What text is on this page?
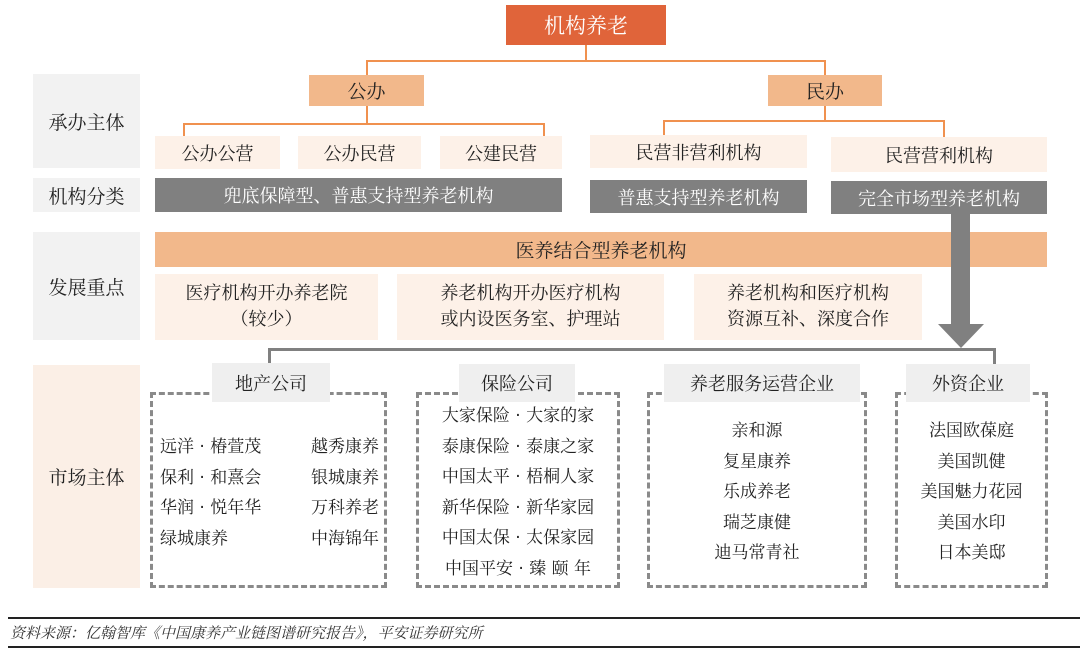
机构养老
承办主体
机构分类
发展重点
市场主体
公办	民办
公办公营	公办民营	公建民营	民营非营利机构	民营营利机构
兜底保障型、普惠支持型养老机构	普惠支持型养老机构	完全市场型养老机构
医养结合型养老机构
医疗机构开办养老院
（较少）
养老机构开办医疗机构
或内设医务室、护理站
养老机构和医疗机构
资源互补、深度合作
地产公司
远洋 · 椿萱茂
保利 · 和熹会
华润 · 悦年华
绿城康养
越秀康养
银城康养
万科养老
中海锦年
保险公司
大家保险 · 大家的家
泰康保险 · 泰康之家
中国太平 · 梧桐人家
新华保险 · 新华家园
中国太保 · 太保家园
中国平安 · 臻 颐 年
养老服务运营企业
亲和源
复星康养
乐成养老
瑞芝康健
迪马常青社
外资企业
法国欧葆庭
美国凯健
美国魅力花园
美国水印
日本美邸
资料来源：亿翰智库《中国康养产业链图谱研究报告》，平安证券研究所
